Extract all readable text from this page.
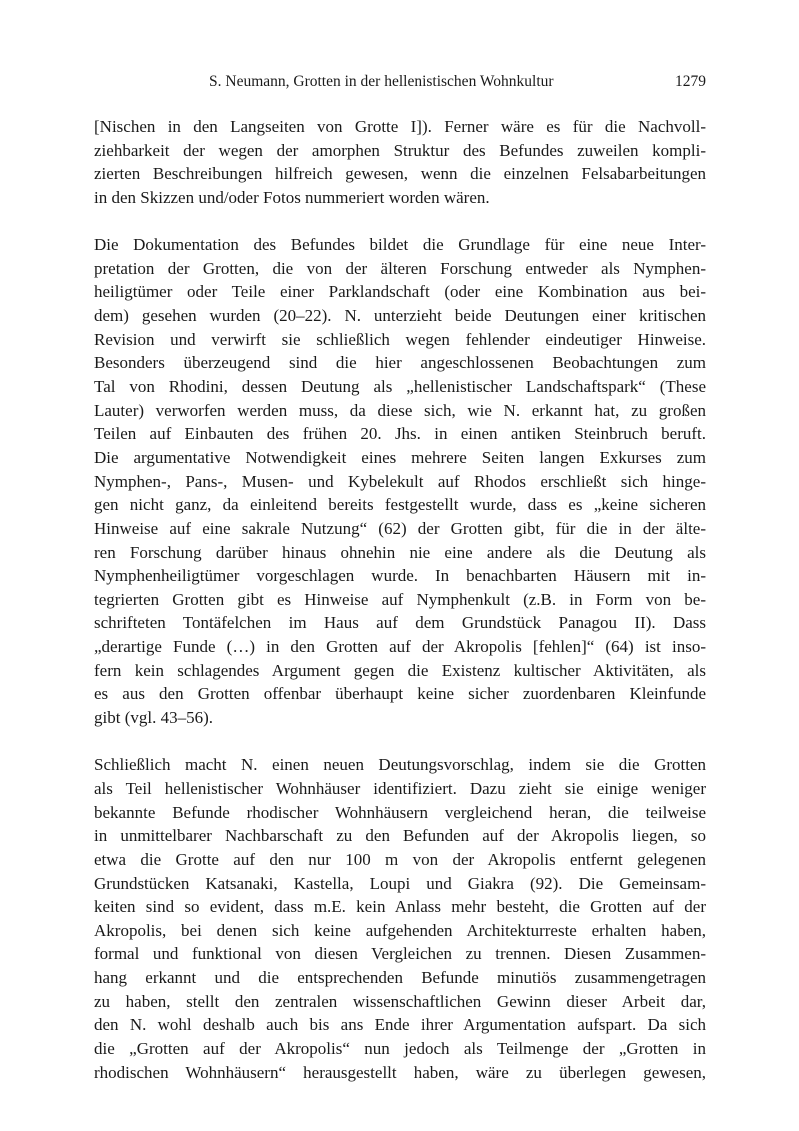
S. Neumann, Grotten in der hellenistischen Wohnkultur	1279
[Nischen in den Langseiten von Grotte I]). Ferner wäre es für die Nachvoll-
ziehbarkeit der wegen der amorphen Struktur des Befundes zuweilen kompli-
zierten Beschreibungen hilfreich gewesen, wenn die einzelnen Felsabarbeitungen
in den Skizzen und/oder Fotos nummeriert worden wären.
Die Dokumentation des Befundes bildet die Grundlage für eine neue Inter-
pretation der Grotten, die von der älteren Forschung entweder als Nymphen-
heiligtümer oder Teile einer Parklandschaft (oder eine Kombination aus bei-
dem) gesehen wurden (20–22). N. unterzieht beide Deutungen einer kritischen
Revision und verwirft sie schließlich wegen fehlender eindeutiger Hinweise.
Besonders überzeugend sind die hier angeschlossenen Beobachtungen zum
Tal von Rhodini, dessen Deutung als „hellenistischer Landschaftspark“ (These
Lauter) verworfen werden muss, da diese sich, wie N. erkannt hat, zu großen
Teilen auf Einbauten des frühen 20. Jhs. in einen antiken Steinbruch beruft.
Die argumentative Notwendigkeit eines mehrere Seiten langen Exkurses zum
Nymphen-, Pans-, Musen- und Kybelekult auf Rhodos erschließt sich hinge-
gen nicht ganz, da einleitend bereits festgestellt wurde, dass es „keine sicheren
Hinweise auf eine sakrale Nutzung“ (62) der Grotten gibt, für die in der älte-
ren Forschung darüber hinaus ohnehin nie eine andere als die Deutung als
Nymphenheiligtümer vorgeschlagen wurde. In benachbarten Häusern mit in-
tegrierten Grotten gibt es Hinweise auf Nymphenkult (z.B. in Form von be-
schrifteten Tontäfelchen im Haus auf dem Grundstück Panagou II). Dass
„derartige Funde (…) in den Grotten auf der Akropolis [fehlen]“ (64) ist inso-
fern kein schlagendes Argument gegen die Existenz kultischer Aktivitäten, als
es aus den Grotten offenbar überhaupt keine sicher zuordenbaren Kleinfunde
gibt (vgl. 43–56).
Schließlich macht N. einen neuen Deutungsvorschlag, indem sie die Grotten
als Teil hellenistischer Wohnhäuser identifiziert. Dazu zieht sie einige weniger
bekannte Befunde rhodischer Wohnhäusern vergleichend heran, die teilweise
in unmittelbarer Nachbarschaft zu den Befunden auf der Akropolis liegen, so
etwa die Grotte auf den nur 100 m von der Akropolis entfernt gelegenen
Grundstücken Katsanaki, Kastella, Loupi und Giakra (92). Die Gemeinsam-
keiten sind so evident, dass m.E. kein Anlass mehr besteht, die Grotten auf der
Akropolis, bei denen sich keine aufgehenden Architekturreste erhalten haben,
formal und funktional von diesen Vergleichen zu trennen. Diesen Zusammen-
hang erkannt und die entsprechenden Befunde minutiös zusammengetragen
zu haben, stellt den zentralen wissenschaftlichen Gewinn dieser Arbeit dar,
den N. wohl deshalb auch bis ans Ende ihrer Argumentation aufspart. Da sich
die „Grotten auf der Akropolis“ nun jedoch als Teilmenge der „Grotten in
rhodischen Wohnhäusern“ herausgestellt haben, wäre zu überlegen gewesen,
